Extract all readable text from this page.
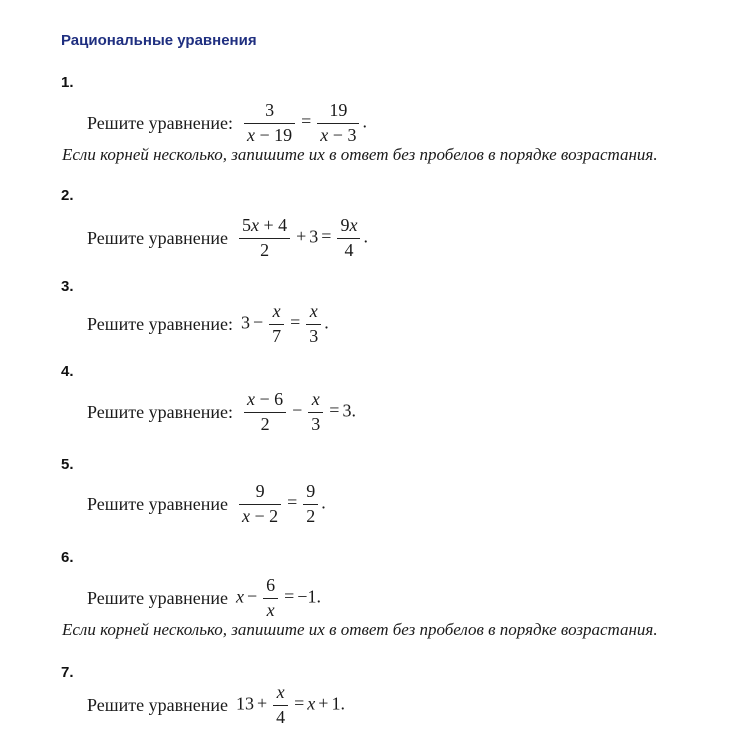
Рациональные уравнения
1.
Решите уравнение: $\frac{3}{x - 19} = \frac{19}{x - 3}$ .
Если корней несколько, запишите их в ответ без пробелов в порядке возрастания.
2.
Решите уравнение $\frac{5x + 4}{2} + 3 = \frac{9x}{4}$ .
3.
Решите уравнение: $3 - \frac{x}{7} = \frac{x}{3}$ .
4.
Решите уравнение: $\frac{x - 6}{2} - \frac{x}{3} = 3$.
5.
Решите уравнение $\frac{9}{x - 2} = \frac{9}{2}$ .
6.
Решите уравнение $x - \frac{6}{x} = -1$.
Если корней несколько, запишите их в ответ без пробелов в порядке возрастания.
7.
Решите уравнение $13 + \frac{x}{4} = x + 1$.
